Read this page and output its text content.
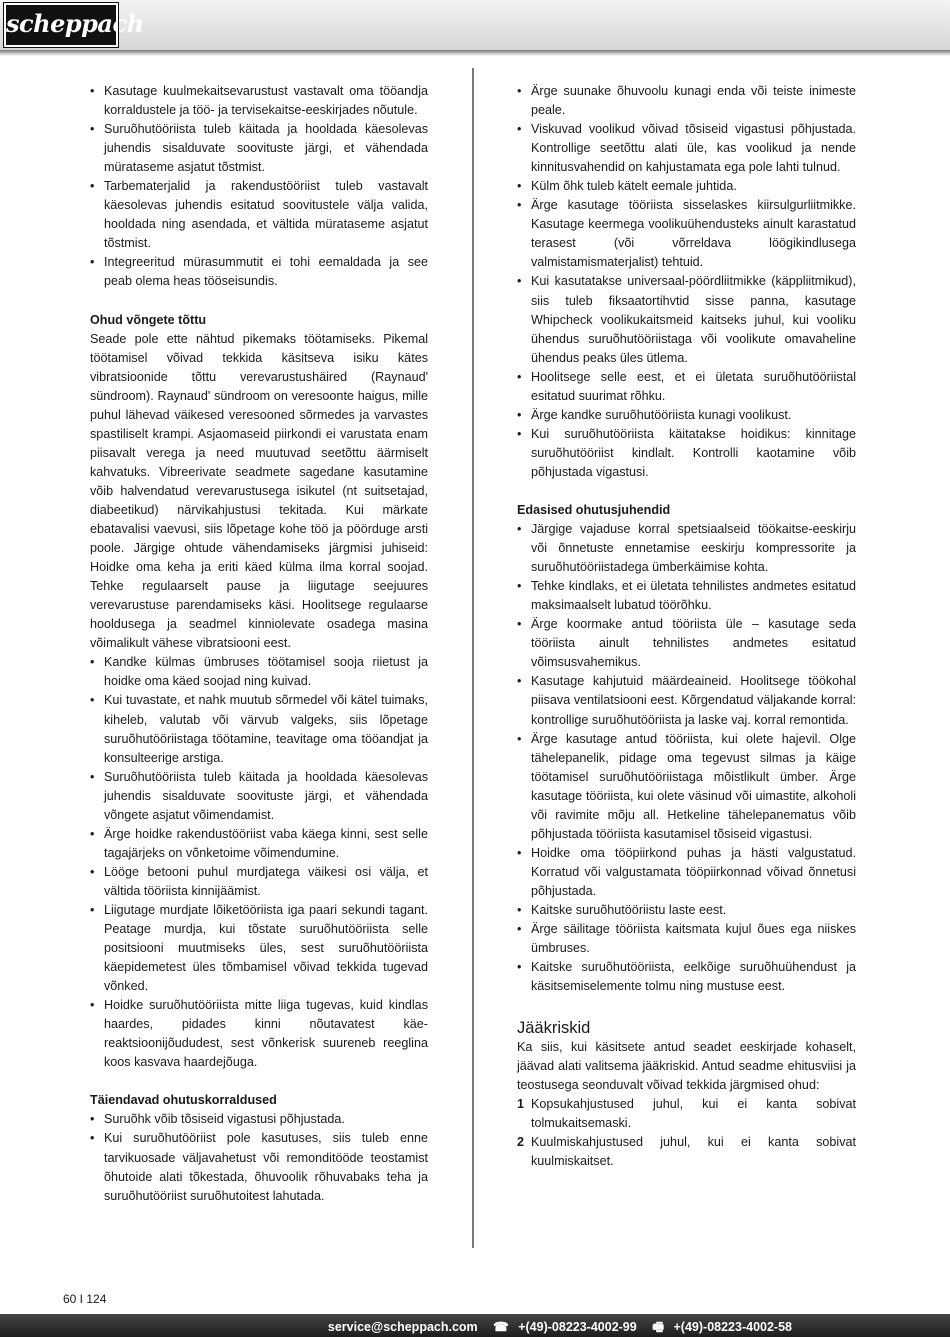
scheppach
• Kasutage kuulmekaitsevarustust vastavalt oma tööandja korraldustele ja töö- ja tervisekaitse-eeskirjades nõutule.
• Suruõhutööriista tuleb käitada ja hooldada käesolevas juhendis sisalduvate soovituste järgi, et vähendada mürataseme asjatut tõstmist.
• Tarbematerjalid ja rakendustööriist tuleb vastavalt käesolevas juhendis esitatud soovitustele välja valida, hooldada ning asendada, et vältida mürataseme asjatut tõstmist.
• Integreeritud mürasummutit ei tohi eemaldada ja see peab olema heas tööseisundis.
Ohud võngete tõttu

Seade pole ette nähtud pikemaks töötamiseks. Pikemal töötamisel võivad tekkida käsitseva isiku kätes vibratsioonide tõttu verevarustushäired (Raynaud' sündroom). Raynaud' sündroom on veresoonte haigus, mille puhul lähevad väikesed veresooned sõrmedes ja varvastes spastiliselt krampi. Asjaomaseid piirkondi ei varustata enam piisavalt verega ja need muutuvad seetõttu äärmiselt kahvatuks. Vibreerivate seadmete sagedane kasutamine võib halvendatud verevarustusega isikutel (nt suitsetajad, diabeetikud) närvikahjustusi tekitada. Kui märkate ebatavalisi vaevusi, siis lõpetage kohe töö ja pöörduge arsti poole. Järgige ohtude vähendamiseks järgmisi juhiseid: Hoidke oma keha ja eriti käed külma ilma korral soojad. Tehke regulaarselt pause ja liigutage seejuures verevarustuse parendamiseks käsi. Hoolitsege regulaarse hooldusega ja seadmel kinniolevate osadega masina võimalikult vähese vibratsiooni eest.

• Kandke külmas ümbruses töötamisel sooja riietust ja hoidke oma käed soojad ning kuivad.
• Kui tuvastate, et nahk muutub sõrmedel või kätel tuimaks, kiheleb, valutab või värvub valgeks, siis lõpetage suruõhutööriistaga töötamine, teavitage oma tööandjat ja konsulteerige arstiga.
• Suruõhutööriista tuleb käitada ja hooldada käesolevas juhendis sisalduvate soovituste järgi, et vähendada võngete asjatut võimendamist.
• Ärge hoidke rakendustööriist vaba käega kinni, sest selle tagajärjeks on võnketoime võimendumine.
• Lööge betooni puhul murdjatega väikesi osi välja, et vältida tööriista kinnijäämist.
• Liigutage murdjate lõiketööriista iga paari sekundi tagant. Peatage murdja, kui tõstate suruõhutööriista selle positsiooni muutmiseks üles, sest suruõhutööriista käepidemetest üles tõmbamisel võivad tekkida tugevad võnked.
• Hoidke suruõhutööriista mitte liiga tugevas, kuid kindlas haardes, pidades kinni nõutavatest käe-reaktsioonijõududest, sest võnkerisk suureneb reeglina koos kasvava haardejõuga.
Täiendavad ohutuskorraldused
• Suruõhk võib tõsiseid vigastusi põhjustada.
• Kui suruõhutööriist pole kasutuses, siis tuleb enne tarvikuosade väljavahetust või remonditööde teostamist õhutoide alati tõkestada, õhuvoolik rõhuvabaks teha ja suruõhutööriist suruõhutoitest lahutada.
• Ärge suunake õhuvoolu kunagi enda või teiste inimeste peale.
• Viskuvad voolikud võivad tõsiseid vigastusi põhjustada. Kontrollige seetõttu alati üle, kas voolikud ja nende kinnitusvahendid on kahjustamata ega pole lahti tulnud.
• Külm õhk tuleb kätelt eemale juhtida.
• Ärge kasutage tööriista sisselaskes kiirsulgurliitmikke. Kasutage keermega voolikuühendusteks ainult karastatud terasest (või võrreldava löögikindlusega valmistamismaterjalist) tehtuid.
• Kui kasutatakse universaal-pöördliitmikke (käppliitmikud), siis tuleb fiksaatortihvtid sisse panna, kasutage Whipcheck voolikukaitsmeid kaitseks juhul, kui vooliku ühendus suruõhutööriistaga või voolikute omavaheline ühendus peaks üles ütlema.
• Hoolitsege selle eest, et ei ületata suruõhutööriistal esitatud suurimat rõhku.
• Ärge kandke suruõhutööriista kunagi voolikust.
• Kui suruõhutööriista käitatakse hoidikus: kinnitage suruõhutööriist kindlalt. Kontrolli kaotamine võib põhjustada vigastusi.
Edasised ohutusjuhendid
• Järgige vajaduse korral spetsiaalseid töökaitse-eeskirju või õnnetuste ennetamise eeskirju kompressorite ja suruõhutööriistadega ümberkäimise kohta.
• Tehke kindlaks, et ei ületata tehnilistes andmetes esitatud maksimaalselt lubatud töörõhku.
• Ärge koormake antud tööriista üle – kasutage seda tööriista ainult tehnilistes andmetes esitatud võimsusvahemikus.
• Kasutage kahjutuid määrdeaineid. Hoolitsege töökohal piisava ventilatsiooni eest. Kõrgendatud väljakande korral: kontrollige suruõhutööriista ja laske vaj. korral remontida.
• Ärge kasutage antud tööriista, kui olete hajevil. Olge tähelepanelik, pidage oma tegevust silmas ja käige töötamisel suruõhutööriistaga mõistlikult ümber. Ärge kasutage tööriista, kui olete väsinud või uimastite, alkoholi või ravimite mõju all. Hetkeline tähelepanematus võib põhjustada tööriista kasutamisel tõsiseid vigastusi.
• Hoidke oma tööpiirkond puhas ja hästi valgustatud. Korratud või valgustamata tööpiirkonnad võivad õnnetusi põhjustada.
• Kaitske suruõhutööriistu laste eest.
• Ärge säilitage tööriista kaitsmata kujul õues ega niiskes ümbruses.
• Kaitske suruõhutööriista, eelkõige suruõhuühendust ja käsitsemiselemente tolmu ning mustuse eest.
Jääkriskid

Ka siis, kui käsitsete antud seadet eeskirjade kohaselt, jäävad alati valitsema jääkriskid. Antud seadme ehitusviisi ja teostusega seonduvalt võivad tekkida järgmised ohud:

1 Kopsukahjustused juhul, kui ei kanta sobivat tolmukaitsemaski.
2 Kuulmiskahjustused juhul, kui ei kanta sobivat kuulmiskaitset.
60 I 124
service@scheppach.com ☎ +(49)-08223-4002-99 🖷 +(49)-08223-4002-58
